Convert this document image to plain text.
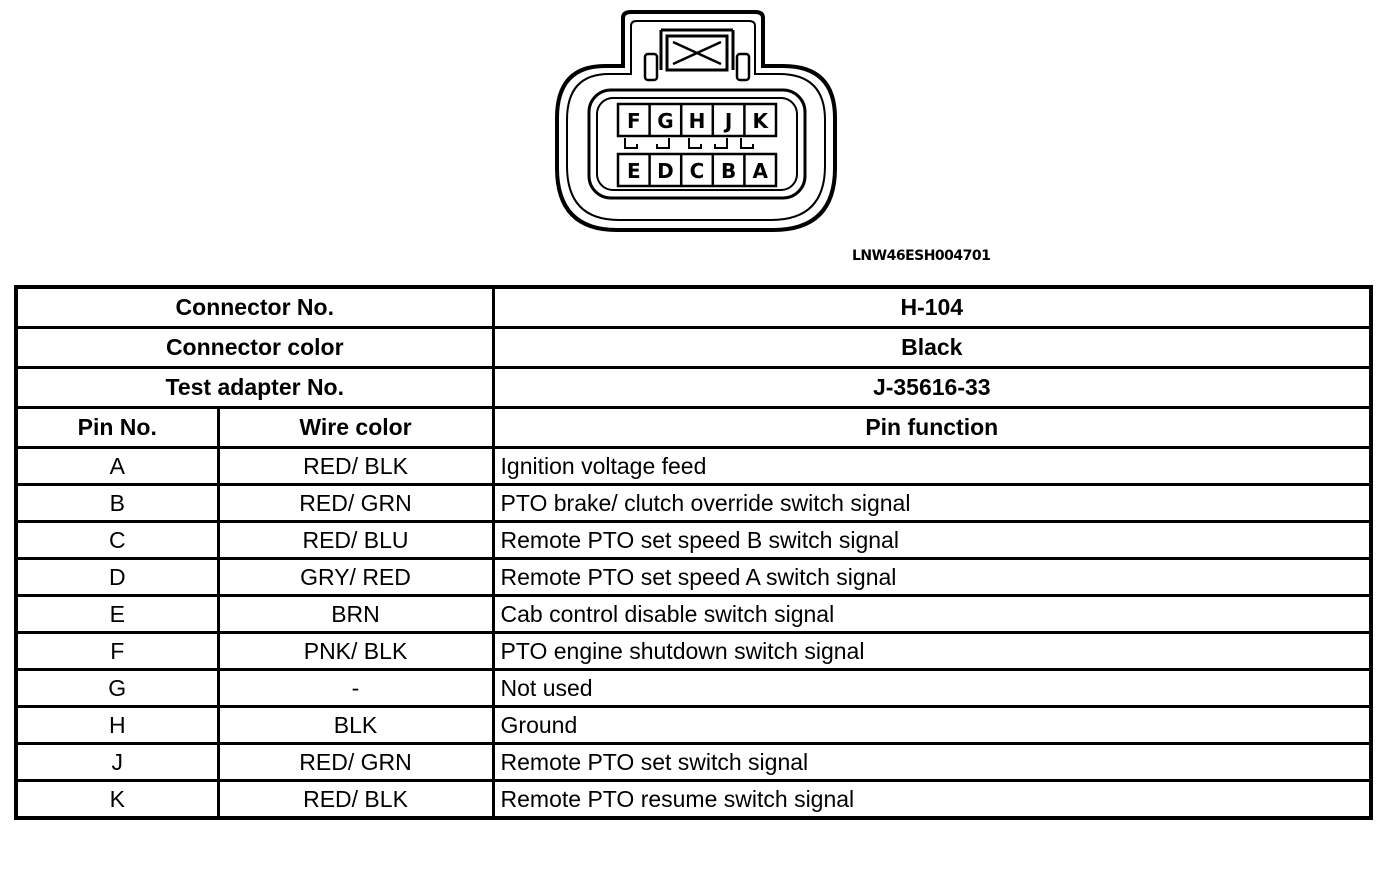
F G H J K
E D C B A
LNW46ESH004701
Connector No.		H-104
Connector color		Black
Test adapter No.		J-35616-33
Pin No.	Wire color	Pin function
A	RED/ BLK	Ignition voltage feed
B	RED/ GRN	PTO brake/ clutch override switch signal
C	RED/ BLU	Remote PTO set speed B switch signal
D	GRY/ RED	Remote PTO set speed A switch signal
E	BRN	Cab control disable switch signal
F	PNK/ BLK	PTO engine shutdown switch signal
G	-	Not used
H	BLK	Ground
J	RED/ GRN	Remote PTO set switch signal
K	RED/ BLK	Remote PTO resume switch signal
